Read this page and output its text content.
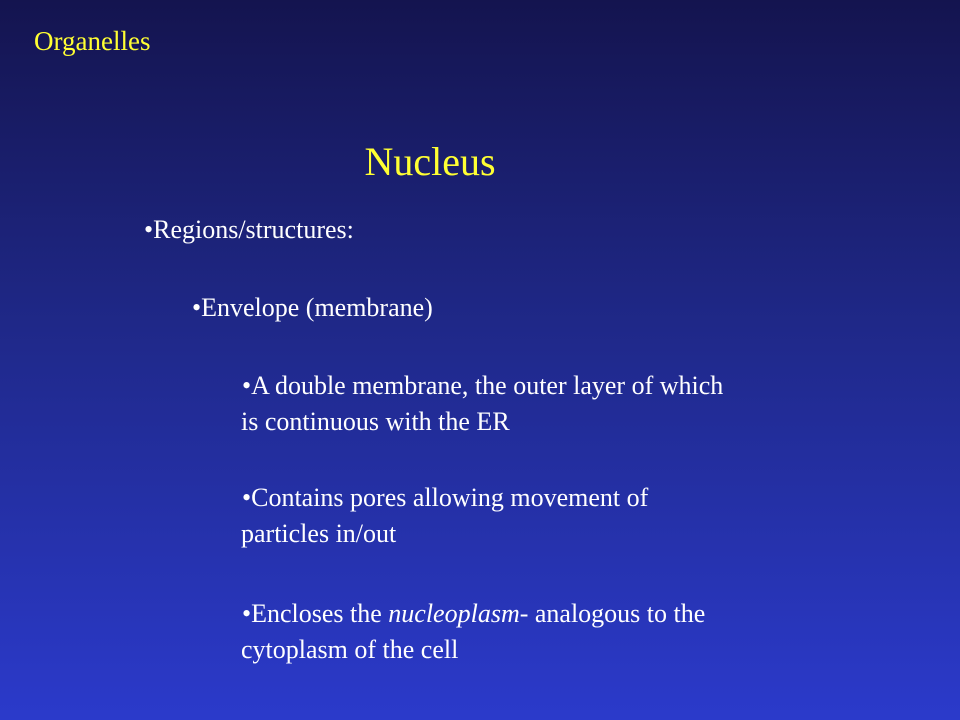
Organelles
Nucleus
•Regions/structures:
•Envelope (membrane)
•A double membrane, the outer layer of which
is continuous with the ER
•Contains pores allowing movement of
particles in/out
•Encloses the nucleoplasm- analogous to the
cytoplasm of the cell
